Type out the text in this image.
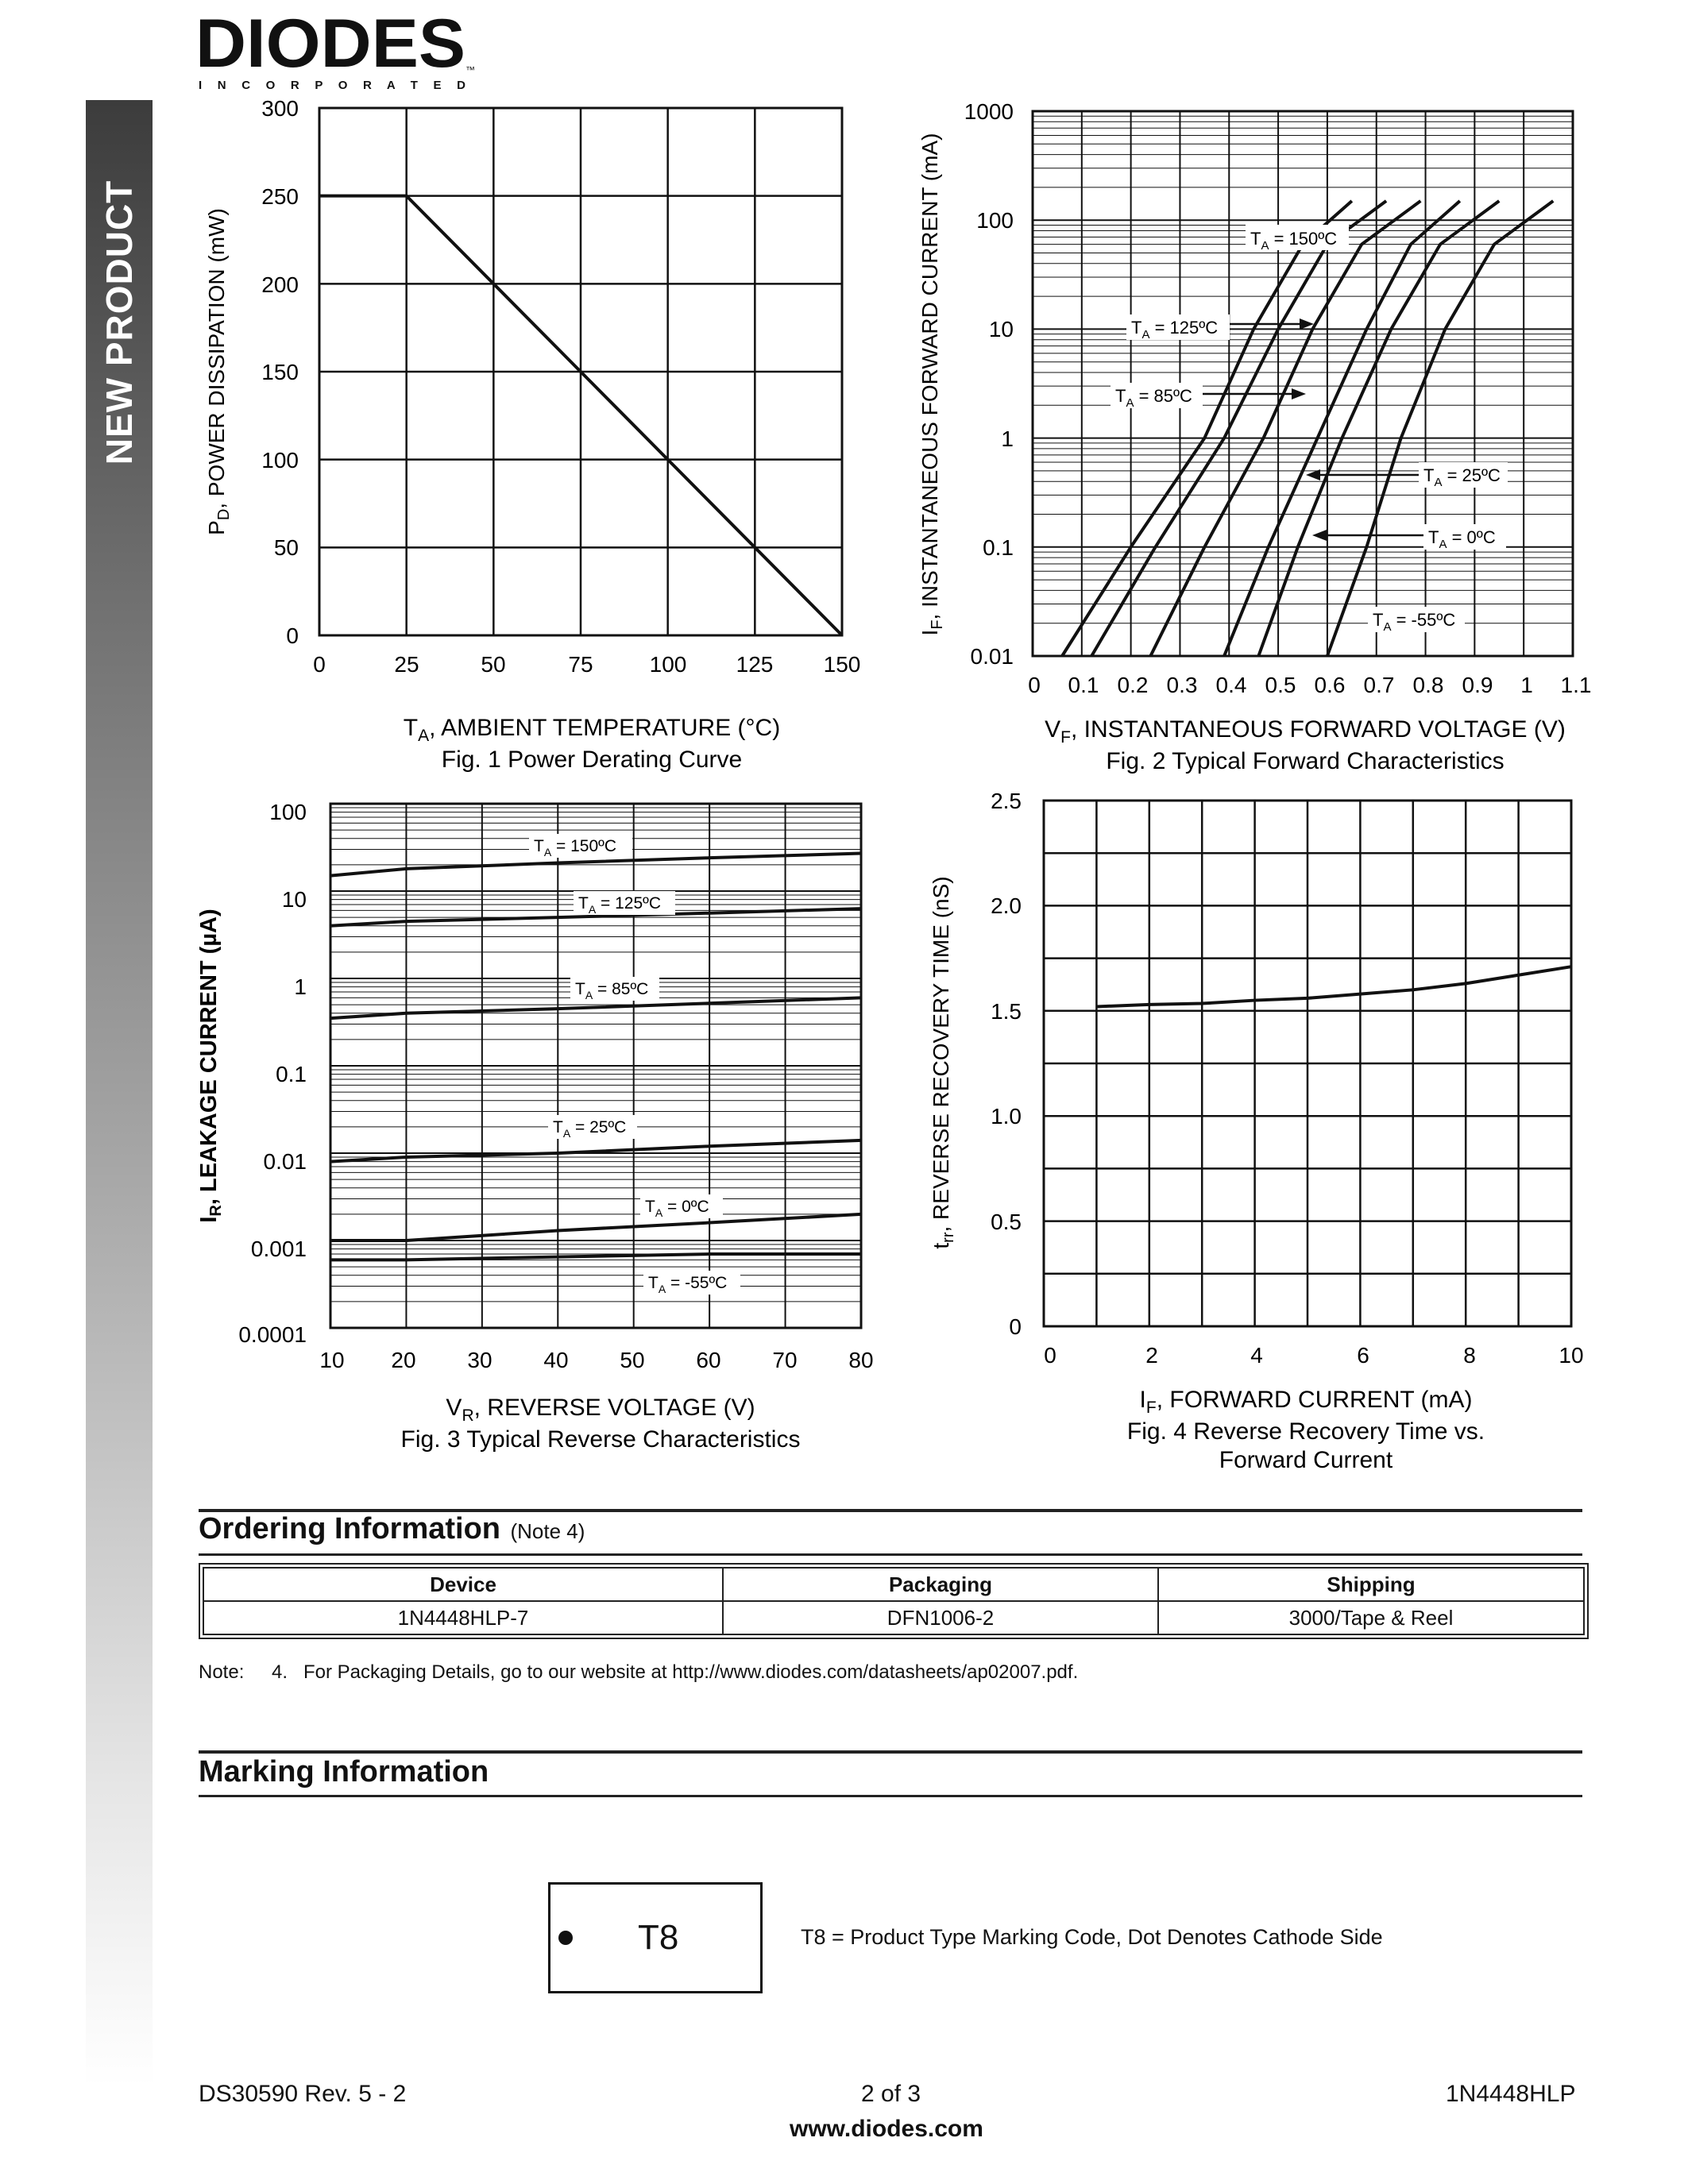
NEW PRODUCT
DIODES ™
I N C O R P O R A T E D
0
50
100
150
200
250
300
0	25	50	75	100 125 150
$P_D$, POWER DISSIPATION (mW)
$T_A$, AMBIENT TEMPERATURE (°C)
Fig. 1 Power Derating Curve
0.01
0.1
1
10
100
1000
0 0.1 0.2 0.3 0.4 0.5 0.6 0.7 0.8 0.9 1 1.1
$I_F$, INSTANTANEOUS FORWARD CURRENT (mA)
$V_F$, INSTANTANEOUS FORWARD VOLTAGE (V)
Fig. 2 Typical Forward Characteristics
$T_A$ = 150ºC
$T_A$ = 125ºC
$T_A$ = 85ºC
$T_A$ = 25ºC
$T_A$ = 0ºC
$T_A$ = -55ºC
0.0001
0.001
0.01
0.1
1
10
100
10 20 30 40 50 60 70 80
$I_R$, LEAKAGE CURRENT (µA)
$V_R$, REVERSE VOLTAGE (V)
Fig. 3 Typical Reverse Characteristics
$T_A$ = 150ºC
$T_A$ = 125ºC
$T_A$ = 85ºC
$T_A$ = 25ºC
$T_A$ = 0ºC
$T_A$ = -55ºC
0
0.5
1.0
1.5
2.0
2.5
0	2	4	6	8	10
$t_{rr}$, REVERSE RECOVERY TIME (nS)
$I_F$, FORWARD CURRENT (mA)
Fig. 4 Reverse Recovery Time vs.
Forward Current
Ordering Information (Note 4)
Device	Packaging	Shipping
1N4448HLP-7	DFN1006-2	3000/Tape & Reel
Note: 4. For Packaging Details, go to our website at http://www.diodes.com/datasheets/ap02007.pdf.
Marking Information
T8	T8 = Product Type Marking Code, Dot Denotes Cathode Side
DS30590 Rev. 5 - 2	2 of 3	1N4448HLP
www.diodes.com
